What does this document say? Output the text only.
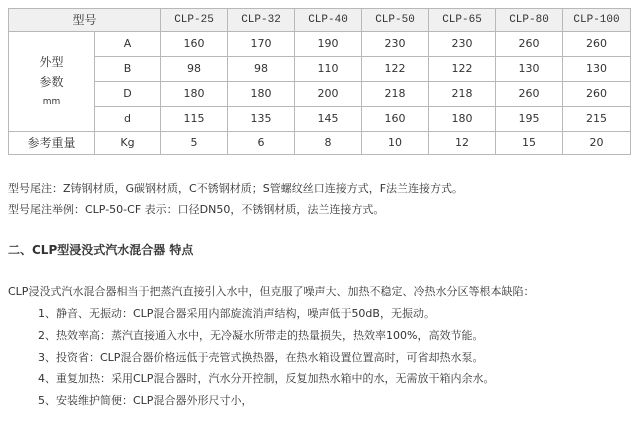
型号		CLP-25	CLP-32	CLP-40	CLP-50	CLP-65	CLP-80	CLP-100

外型
参数
mm	A	160	170	190	230	230	260	260
	B	98	98	110	122	122	130	130
	D	180	180	200	218	218	260	260
	d	115	135	145	160	180	195	215
参考重量	Kg	5	6	8	10	12	15	20
型号尾注：Z铸钢材质，G碳钢材质，C不锈钢材质；S管螺纹丝口连接方式，F法兰连接方式。
型号尾注举例：CLP-50-CF 表示：口径DN50，不锈钢材质，法兰连接方式。
二、CLP型浸没式汽水混合器 特点
CLP浸没式汽水混合器相当于把蒸汽直接引入水中，但克服了噪声大、加热不稳定、冷热水分区等根本缺陷：
1、静音、无振动：CLP混合器采用内部旋流消声结构，噪声低于50dB，无振动。
2、热效率高：蒸汽直接通入水中，无冷凝水所带走的热量损失，热效率100%，高效节能。
3、投资省：CLP混合器价格远低于壳管式换热器，在热水箱设置位置高时，可省却热水泵。
4、重复加热：采用CLP混合器时，汽水分开控制，反复加热水箱中的水，无需放干箱内余水。
5、安装维护简便：CLP混合器外形尺寸小，
